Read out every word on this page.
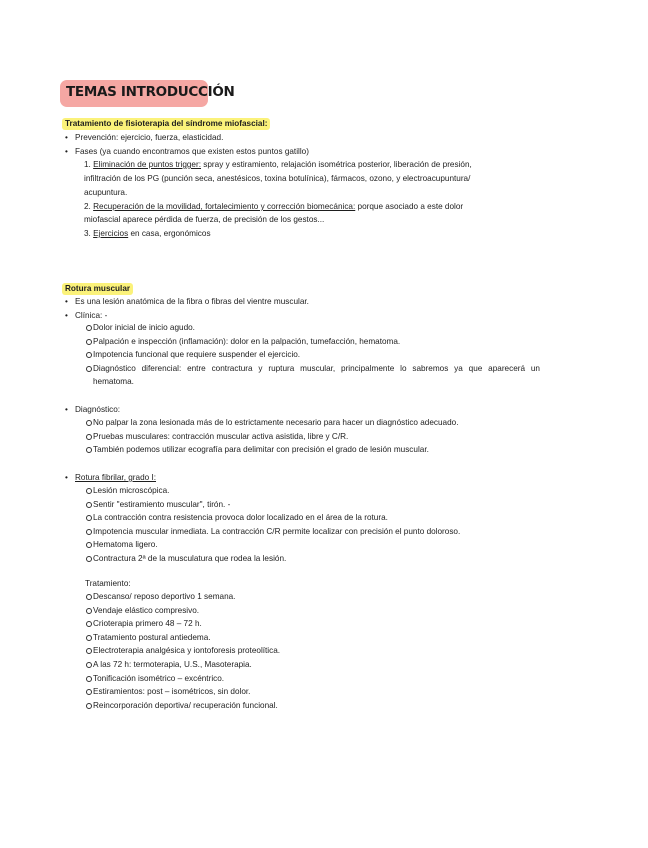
TEMAS INTRODUCCIÓN
Tratamiento de fisioterapia del síndrome miofascial:
• Prevención: ejercicio, fuerza, elasticidad.
• Fases (ya cuando encontramos que existen estos puntos gatillo)
1. Eliminación de puntos trigger: spray y estiramiento, relajación isométrica posterior, liberación de presión,
infiltración de los PG (punción seca, anestésicos, toxina botulínica), fármacos, ozono, y electroacupuntura/
acupuntura.
2. Recuperación de la movilidad, fortalecimiento y corrección biomecánica: porque asociado a este dolor
miofascial aparece pérdida de fuerza, de precisión de los gestos...
3. Ejercicios en casa, ergonómicos
Rotura muscular
• Es una lesión anatómica de la fibra o fibras del vientre muscular.
• Clínica: -
Dolor inicial de inicio agudo.
Palpación e inspección (inflamación): dolor en la palpación, tumefacción, hematoma.
Impotencia funcional que requiere suspender el ejercicio.
Diagnóstico diferencial: entre contractura y ruptura muscular, principalmente lo sabremos ya que aparecerá un
hematoma.
• Diagnóstico:
No palpar la zona lesionada más de lo estrictamente necesario para hacer un diagnóstico adecuado.
Pruebas musculares: contracción muscular activa asistida, libre y C/R.
También podemos utilizar ecografía para delimitar con precisión el grado de lesión muscular.
• Rotura fibrilar, grado I:
Lesión microscópica.
Sentir "estiramiento muscular", tirón. -
La contracción contra resistencia provoca dolor localizado en el área de la rotura.
Impotencia muscular inmediata. La contracción C/R permite localizar con precisión el punto doloroso.
Hematoma ligero.
Contractura 2ª de la musculatura que rodea la lesión.
Tratamiento:
Descanso/ reposo deportivo 1 semana.
Vendaje elástico compresivo.
Crioterapia primero 48 – 72 h.
Tratamiento postural antiedema.
Electroterapia analgésica y iontoforesis proteolítica.
A las 72 h: termoterapia, U.S., Masoterapia.
Tonificación isométrico – excéntrico.
Estiramientos: post – isométricos, sin dolor.
Reincorporación deportiva/ recuperación funcional.
